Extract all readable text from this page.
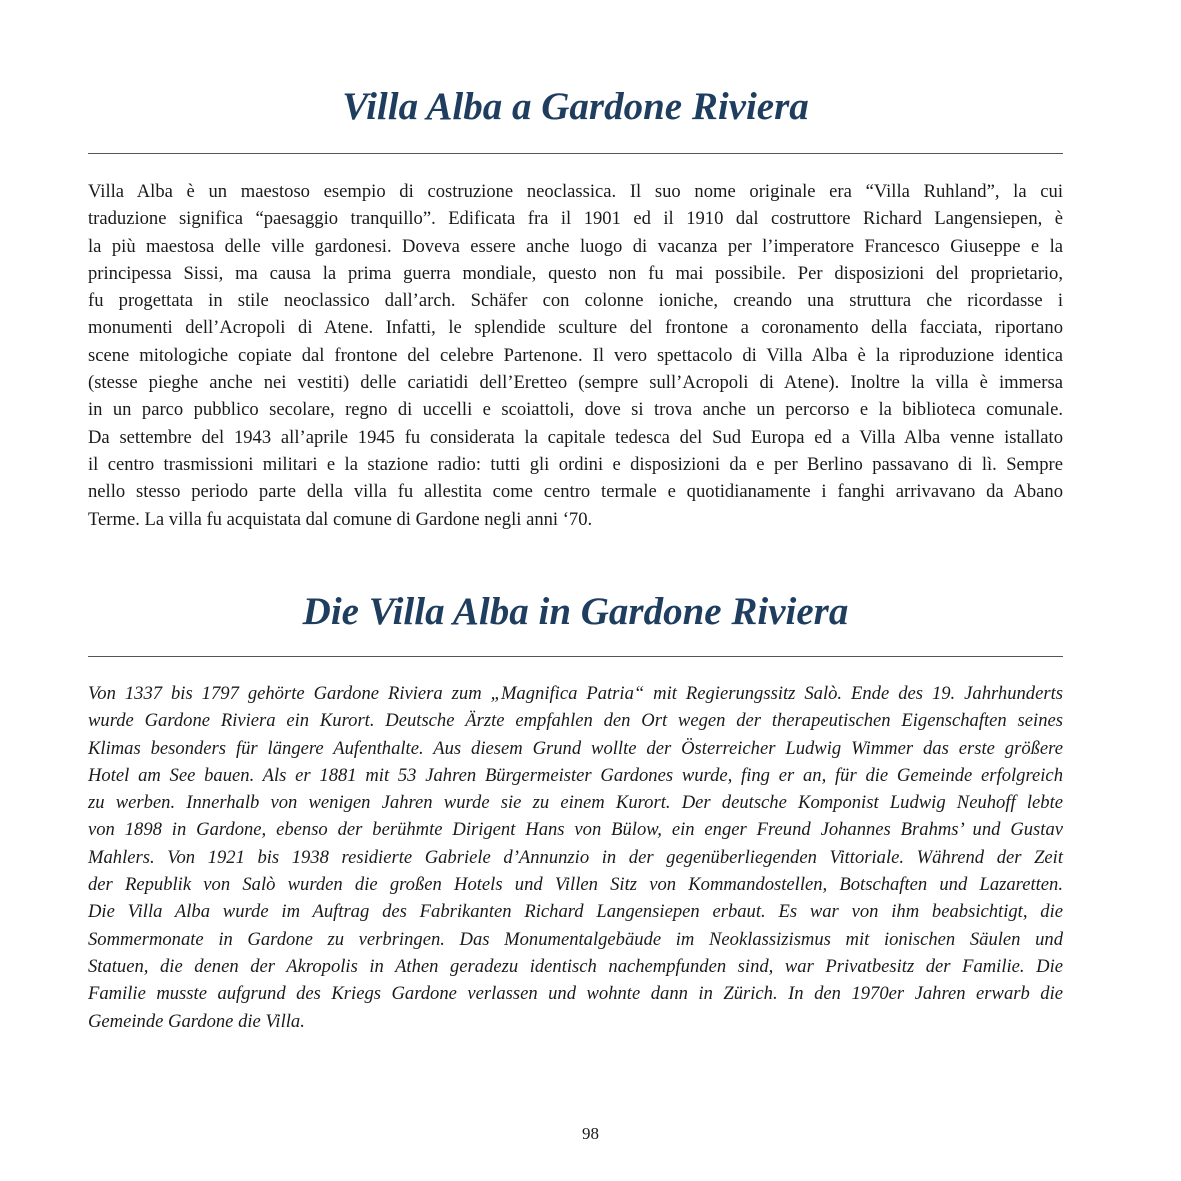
Villa Alba a Gardone Riviera
Villa Alba è un maestoso esempio di costruzione neoclassica. Il suo nome originale era “Villa Ruhland”, la cui
traduzione significa “paesaggio tranquillo”. Edificata fra il 1901 ed il 1910 dal costruttore Richard Langensiepen, è
la più maestosa delle ville gardonesi. Doveva essere anche luogo di vacanza per l’imperatore Francesco Giuseppe e la
principessa Sissi, ma causa la prima guerra mondiale, questo non fu mai possibile. Per disposizioni del proprietario,
fu progettata in stile neoclassico dall’arch. Schäfer con colonne ioniche, creando una struttura che ricordasse i
monumenti dell’Acropoli di Atene. Infatti, le splendide sculture del frontone a coronamento della facciata, riportano
scene mitologiche copiate dal frontone del celebre Partenone. Il vero spettacolo di Villa Alba è la riproduzione identica
(stesse pieghe anche nei vestiti) delle cariatidi dell’Eretteo (sempre sull’Acropoli di Atene). Inoltre la villa è immersa
in un parco pubblico secolare, regno di uccelli e scoiattoli, dove si trova anche un percorso e la biblioteca comunale.
Da settembre del 1943 all’aprile 1945 fu considerata la capitale tedesca del Sud Europa ed a Villa Alba venne istallato
il centro trasmissioni militari e la stazione radio: tutti gli ordini e disposizioni da e per Berlino passavano di lì. Sempre
nello stesso periodo parte della villa fu allestita come centro termale e quotidianamente i fanghi arrivavano da Abano
Terme. La villa fu acquistata dal comune di Gardone negli anni ‘70.
Die Villa Alba in Gardone Riviera
Von 1337 bis 1797 gehörte Gardone Riviera zum „Magnifica Patria“ mit Regierungssitz Salò. Ende des 19. Jahrhunderts
wurde Gardone Riviera ein Kurort. Deutsche Ärzte empfahlen den Ort wegen der therapeutischen Eigenschaften seines
Klimas besonders für längere Aufenthalte. Aus diesem Grund wollte der Österreicher Ludwig Wimmer das erste größere
Hotel am See bauen. Als er 1881 mit 53 Jahren Bürgermeister Gardones wurde, fing er an, für die Gemeinde erfolgreich
zu werben. Innerhalb von wenigen Jahren wurde sie zu einem Kurort. Der deutsche Komponist Ludwig Neuhoff lebte
von 1898 in Gardone, ebenso der berühmte Dirigent Hans von Bülow, ein enger Freund Johannes Brahms’ und Gustav
Mahlers. Von 1921 bis 1938 residierte Gabriele d’Annunzio in der gegenüberliegenden Vittoriale. Während der Zeit
der Republik von Salò wurden die großen Hotels und Villen Sitz von Kommandostellen, Botschaften und Lazaretten.
Die Villa Alba wurde im Auftrag des Fabrikanten Richard Langensiepen erbaut. Es war von ihm beabsichtigt, die
Sommermonate in Gardone zu verbringen. Das Monumentalgebäude im Neoklassizismus mit ionischen Säulen und
Statuen, die denen der Akropolis in Athen geradezu identisch nachempfunden sind, war Privatbesitz der Familie. Die
Familie musste aufgrund des Kriegs Gardone verlassen und wohnte dann in Zürich. In den 1970er Jahren erwarb die
Gemeinde Gardone die Villa.
98
